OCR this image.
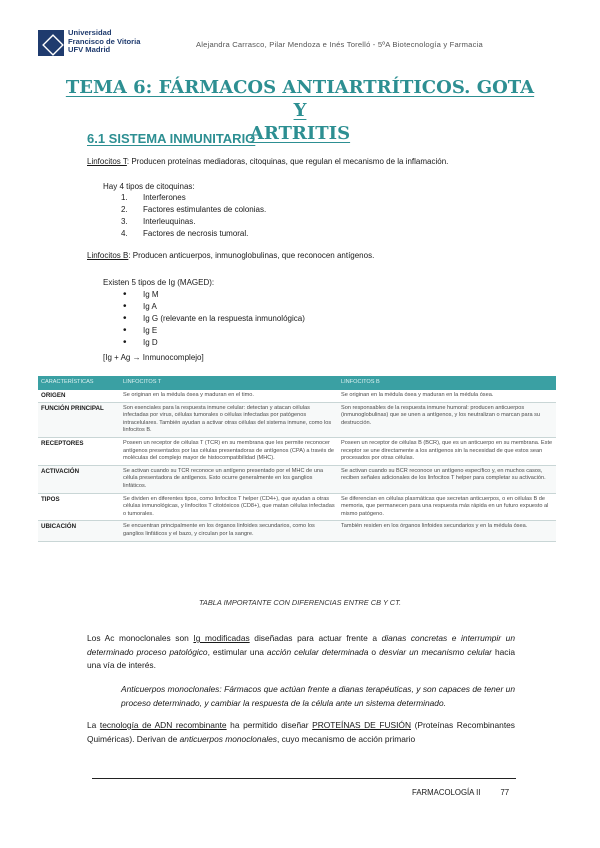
Universidad
Francisco de Vitoria
UFV Madrid
Alejandra Carrasco, Pilar Mendoza e Inés Torelló - 5ºA Biotecnología y Farmacia
TEMA 6: FÁRMACOS ANTIARTRÍTICOS. GOTA Y
ARTRITIS
6.1 SISTEMA INMUNITARIO
Linfocitos T: Producen proteínas mediadoras, citoquinas, que regulan el mecanismo de la inflamación.
Hay 4 tipos de citoquinas:
1. Interferones
2. Factores estimulantes de colonias.
3. Interleuquinas.
4. Factores de necrosis tumoral.
Linfocitos B: Producen anticuerpos, inmunoglobulinas, que reconocen antígenos.
Existen 5 tipos de Ig (MAGED):
• Ig M
• Ig A
• Ig G (relevante en la respuesta inmunológica)
• Ig E
• Ig D
[Ig + Ag → Inmunocomplejo]
CARACTERÍSTICAS	LINFOCITOS T	LINFOCITOS B
ORIGEN	Se originan en la médula ósea y maduran en el timo.	Se originan en la médula ósea y maduran en la médula ósea.
FUNCIÓN PRINCIPAL	Son esenciales para la respuesta inmune celular: detectan y atacan células infectadas por virus, células tumorales o células infectadas por patógenos intracelulares. También ayudan a activar otras células del sistema inmune, como los linfocitos B.	Son responsables de la respuesta inmune humoral: producen anticuerpos (inmunoglobulinas) que se unen a antígenos, y los neutralizan o marcan para su destrucción.
RECEPTORES	Poseen un receptor de células T (TCR) en su membrana que les permite reconocer antígenos presentados por las células presentadoras de antígenos (CPA) a través de moléculas del complejo mayor de histocompatibilidad (MHC).	Poseen un receptor de células B (BCR), que es un anticuerpo en su membrana. Este receptor se une directamente a los antígenos sin la necesidad de que estos sean procesados por otras células.
ACTIVACIÓN	Se activan cuando su TCR reconoce un antígeno presentado por el MHC de una célula presentadora de antígenos. Esto ocurre generalmente en los ganglios linfáticos.	Se activan cuando su BCR reconoce un antígeno específico y, en muchos casos, reciben señales adicionales de los linfocitos T helper para completar su activación.
TIPOS	Se dividen en diferentes tipos, como linfocitos T helper (CD4+), que ayudan a otras células inmunológicas, y linfocitos T citotóxicos (CD8+), que matan células infectadas o tumorales.	Se diferencian en células plasmáticas que secretan anticuerpos, o en células B de memoria, que permanecen para una respuesta más rápida en un futuro expuesto al mismo patógeno.
UBICACIÓN	Se encuentran principalmente en los órganos linfoides secundarios, como los ganglios linfáticos y el bazo, y circulan por la sangre.	También residen en los órganos linfoides secundarios y en la médula ósea.
TABLA IMPORTANTE CON DIFERENCIAS ENTRE CB Y CT.
Los Ac monoclonales son Ig modificadas diseñadas para actuar frente a dianas concretas e interrumpir un determinado proceso patológico, estimular una acción celular determinada o desviar un mecanismo celular hacia una vía de interés.
Anticuerpos monoclonales: Fármacos que actúan frente a dianas terapéuticas, y son capaces de tener un proceso determinado, y cambiar la respuesta de la célula ante un sistema determinado.
La tecnología de ADN recombinante ha permitido diseñar PROTEÍNAS DE FUSIÓN (Proteínas Recombinantes Quiméricas). Derivan de anticuerpos monoclonales, cuyo mecanismo de acción primario
FARMACOLOGÍA II	77
